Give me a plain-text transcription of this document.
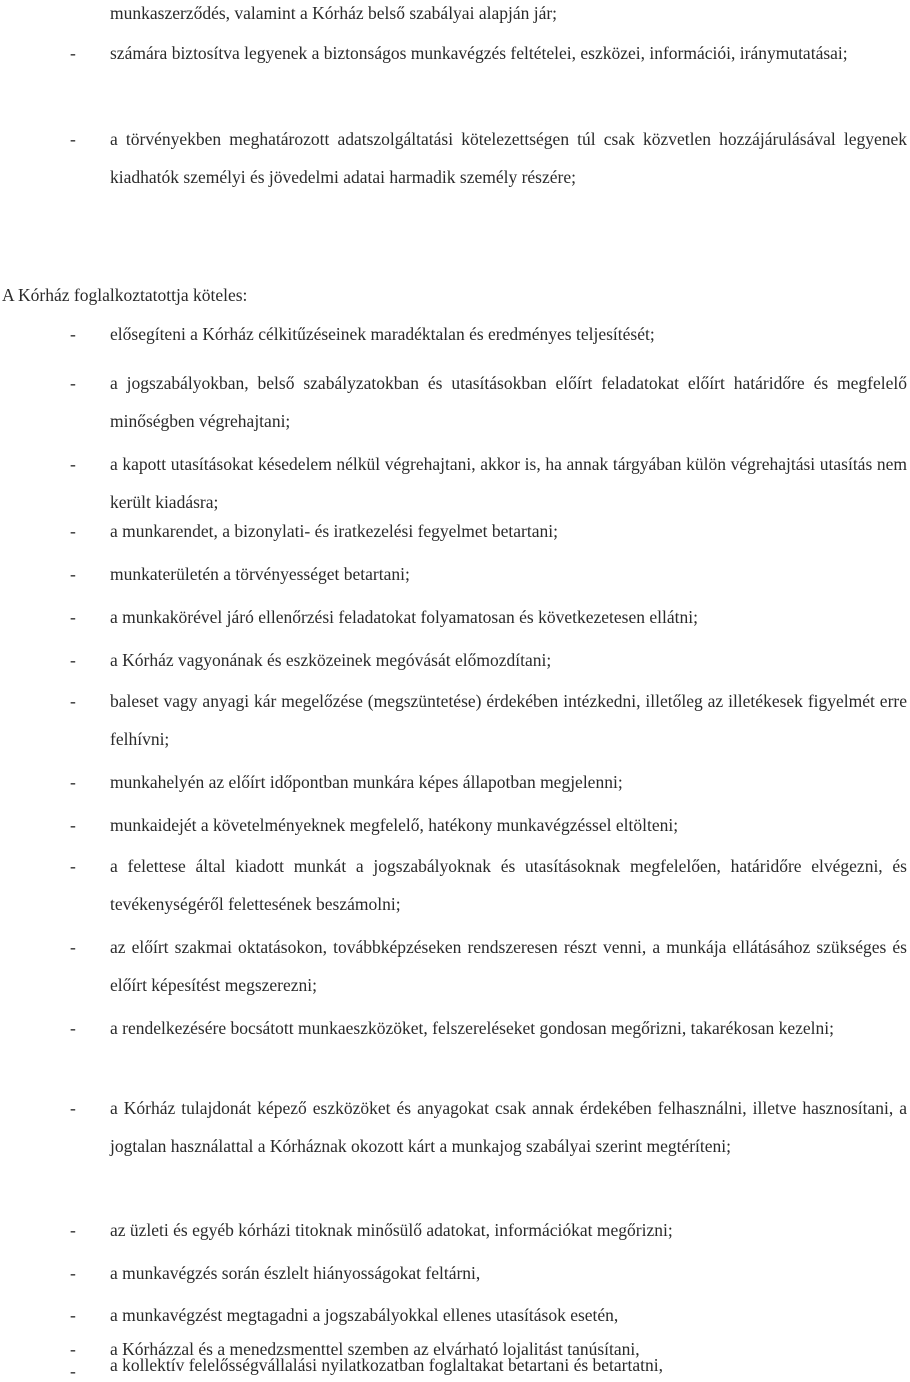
munkaszerződés, valamint a Kórház belső szabályai alapján jár;
-	számára biztosítva legyenek a biztonságos munkavégzés feltételei, eszközei, információi, iránymutatásai;
-	a törvényekben meghatározott adatszolgáltatási kötelezettségen túl csak közvetlen hozzájárulásával legyenek kiadhatók személyi és jövedelmi adatai harmadik személy részére;
A Kórház foglalkoztatottja köteles:
-	elősegíteni a Kórház célkitűzéseinek maradéktalan és eredményes teljesítését;
-	a jogszabályokban, belső szabályzatokban és utasításokban előírt feladatokat előírt határidőre és megfelelő minőségben végrehajtani;
-	a kapott utasításokat késedelem nélkül végrehajtani, akkor is, ha annak tárgyában külön végrehajtási utasítás nem került kiadásra;
-	a munkarendet, a bizonylati- és iratkezelési fegyelmet betartani;
-	munkaterületén a törvényességet betartani;
-	a munkakörével járó ellenőrzési feladatokat folyamatosan és következetesen ellátni;
-	a Kórház vagyonának és eszközeinek megóvását előmozdítani;
-	baleset vagy anyagi kár megelőzése (megszüntetése) érdekében intézkedni, illetőleg az illetékesek figyelmét erre felhívni;
-	munkahelyén az előírt időpontban munkára képes állapotban megjelenni;
-	munkaidejét a követelményeknek megfelelő, hatékony munkavégzéssel eltölteni;
-	a felettese által kiadott munkát a jogszabályoknak és utasításoknak megfelelően, határidőre elvégezni, és tevékenységéről felettesének beszámolni;
-	az előírt szakmai oktatásokon, továbbképzéseken rendszeresen részt venni, a munkája ellátásához szükséges és előírt képesítést megszerezni;
-	a rendelkezésére bocsátott munkaeszközöket, felszereléseket gondosan megőrizni, takarékosan kezelni;
-	a Kórház tulajdonát képező eszközöket és anyagokat csak annak érdekében felhasználni, illetve hasznosítani, a jogtalan használattal a Kórháznak okozott kárt a munkajog szabályai szerint megtéríteni;
-	az üzleti és egyéb kórházi titoknak minősülő adatokat, információkat megőrizni;
-	a munkavégzés során észlelt hiányosságokat feltárni,
-	a munkavégzést megtagadni a jogszabályokkal ellenes utasítások esetén,
-	a Kórházzal és a menedzsmenttel szemben az elvárható lojalitást tanúsítani,
-	a kollektív felelősségvállalási nyilatkozatban foglaltakat betartani és betartatni,
